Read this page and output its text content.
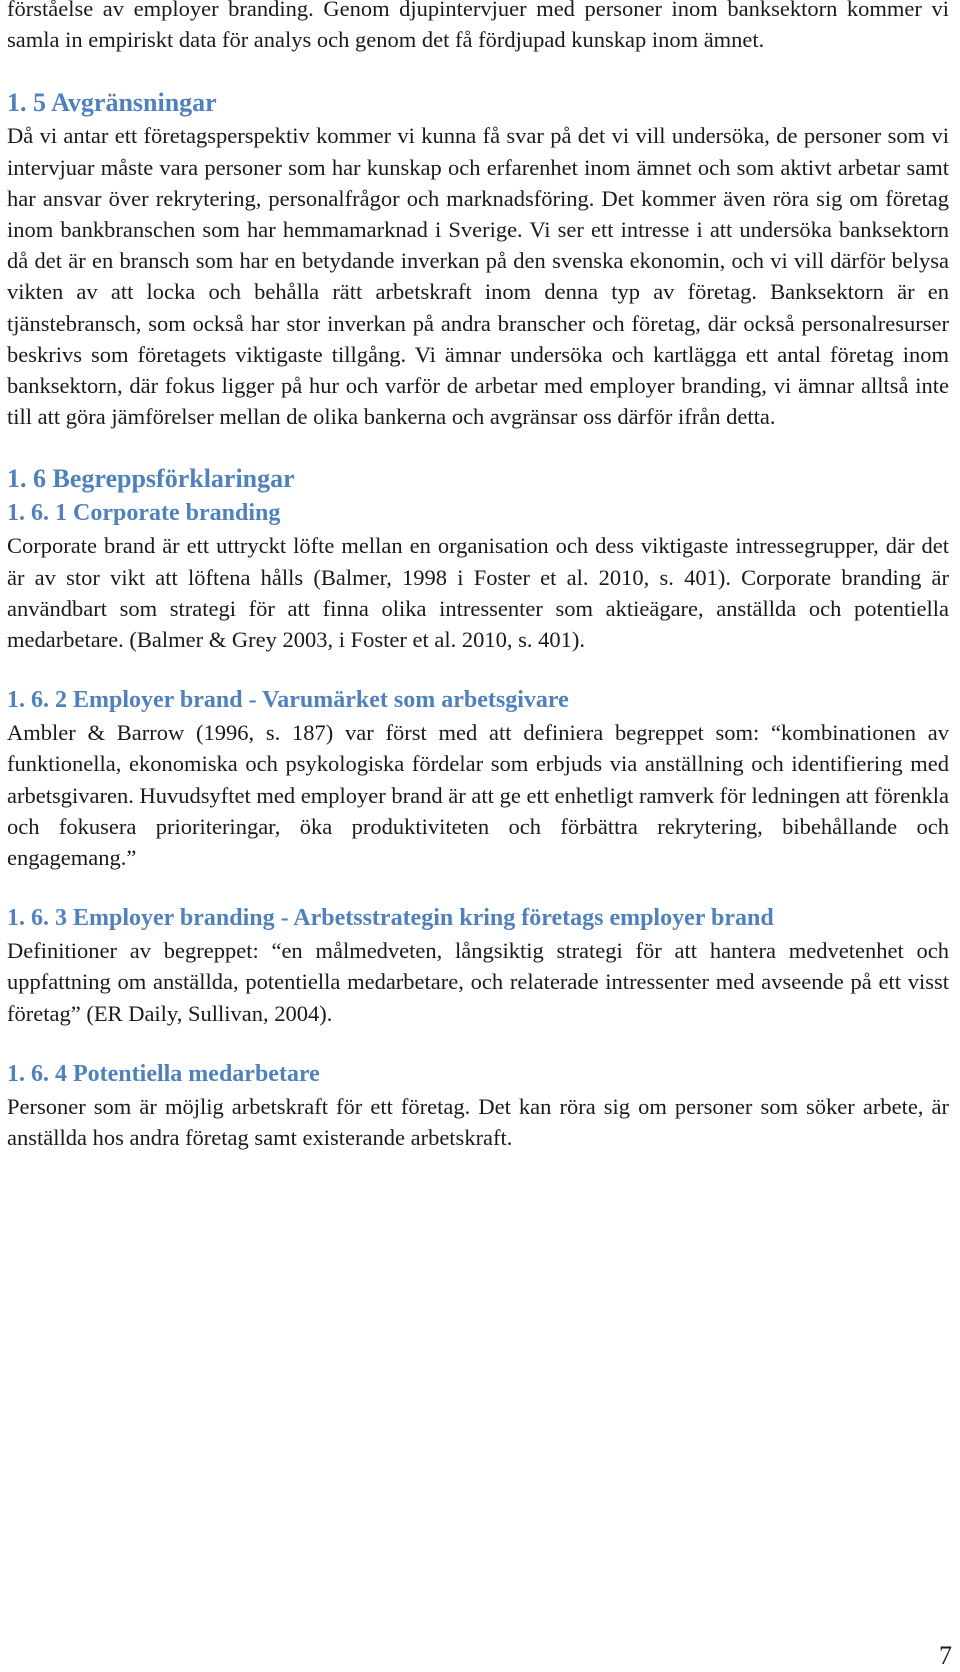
förståelse av employer branding. Genom djupintervjuer med personer inom banksektorn kommer vi samla in empiriskt data för analys och genom det få fördjupad kunskap inom ämnet.

1. 5 Avgränsningar

Då vi antar ett företagsperspektiv kommer vi kunna få svar på det vi vill undersöka, de personer som vi intervjuar måste vara personer som har kunskap och erfarenhet inom ämnet och som aktivt arbetar samt har ansvar över rekrytering, personalfrågor och marknadsföring. Det kommer även röra sig om företag inom bankbranschen som har hemmamarknad i Sverige. Vi ser ett intresse i att undersöka banksektorn då det är en bransch som har en betydande inverkan på den svenska ekonomin, och vi vill därför belysa vikten av att locka och behålla rätt arbetskraft inom denna typ av företag. Banksektorn är en tjänstebransch, som också har stor inverkan på andra branscher och företag, där också personalresurser beskrivs som företagets viktigaste tillgång. Vi ämnar undersöka och kartlägga ett antal företag inom banksektorn, där fokus ligger på hur och varför de arbetar med employer branding, vi ämnar alltså inte till att göra jämförelser mellan de olika bankerna och avgränsar oss därför ifrån detta.

1. 6 Begreppsförklaringar
1. 6. 1 Corporate branding

Corporate brand är ett uttryckt löfte mellan en organisation och dess viktigaste intressegrupper, där det är av stor vikt att löftena hålls (Balmer, 1998 i Foster et al. 2010, s. 401). Corporate branding är användbart som strategi för att finna olika intressenter som aktieägare, anställda och potentiella medarbetare. (Balmer & Grey 2003, i Foster et al. 2010, s. 401).

1. 6. 2 Employer brand - Varumärket som arbetsgivare

Ambler & Barrow (1996, s. 187) var först med att definiera begreppet som: “kombinationen av funktionella, ekonomiska och psykologiska fördelar som erbjuds via anställning och identifiering med arbetsgivaren. Huvudsyftet med employer brand är att ge ett enhetligt ramverk för ledningen att förenkla och fokusera prioriteringar, öka produktiviteten och förbättra rekrytering, bibehållande och engagemang.”

1. 6. 3 Employer branding - Arbetsstrategin kring företags employer brand

Definitioner av begreppet: “en målmedveten, långsiktig strategi för att hantera medvetenhet och uppfattning om anställda, potentiella medarbetare, och relaterade intressenter med avseende på ett visst företag” (ER Daily, Sullivan, 2004).

1. 6. 4 Potentiella medarbetare

Personer som är möjlig arbetskraft för ett företag. Det kan röra sig om personer som söker arbete, är anställda hos andra företag samt existerande arbetskraft.

7
